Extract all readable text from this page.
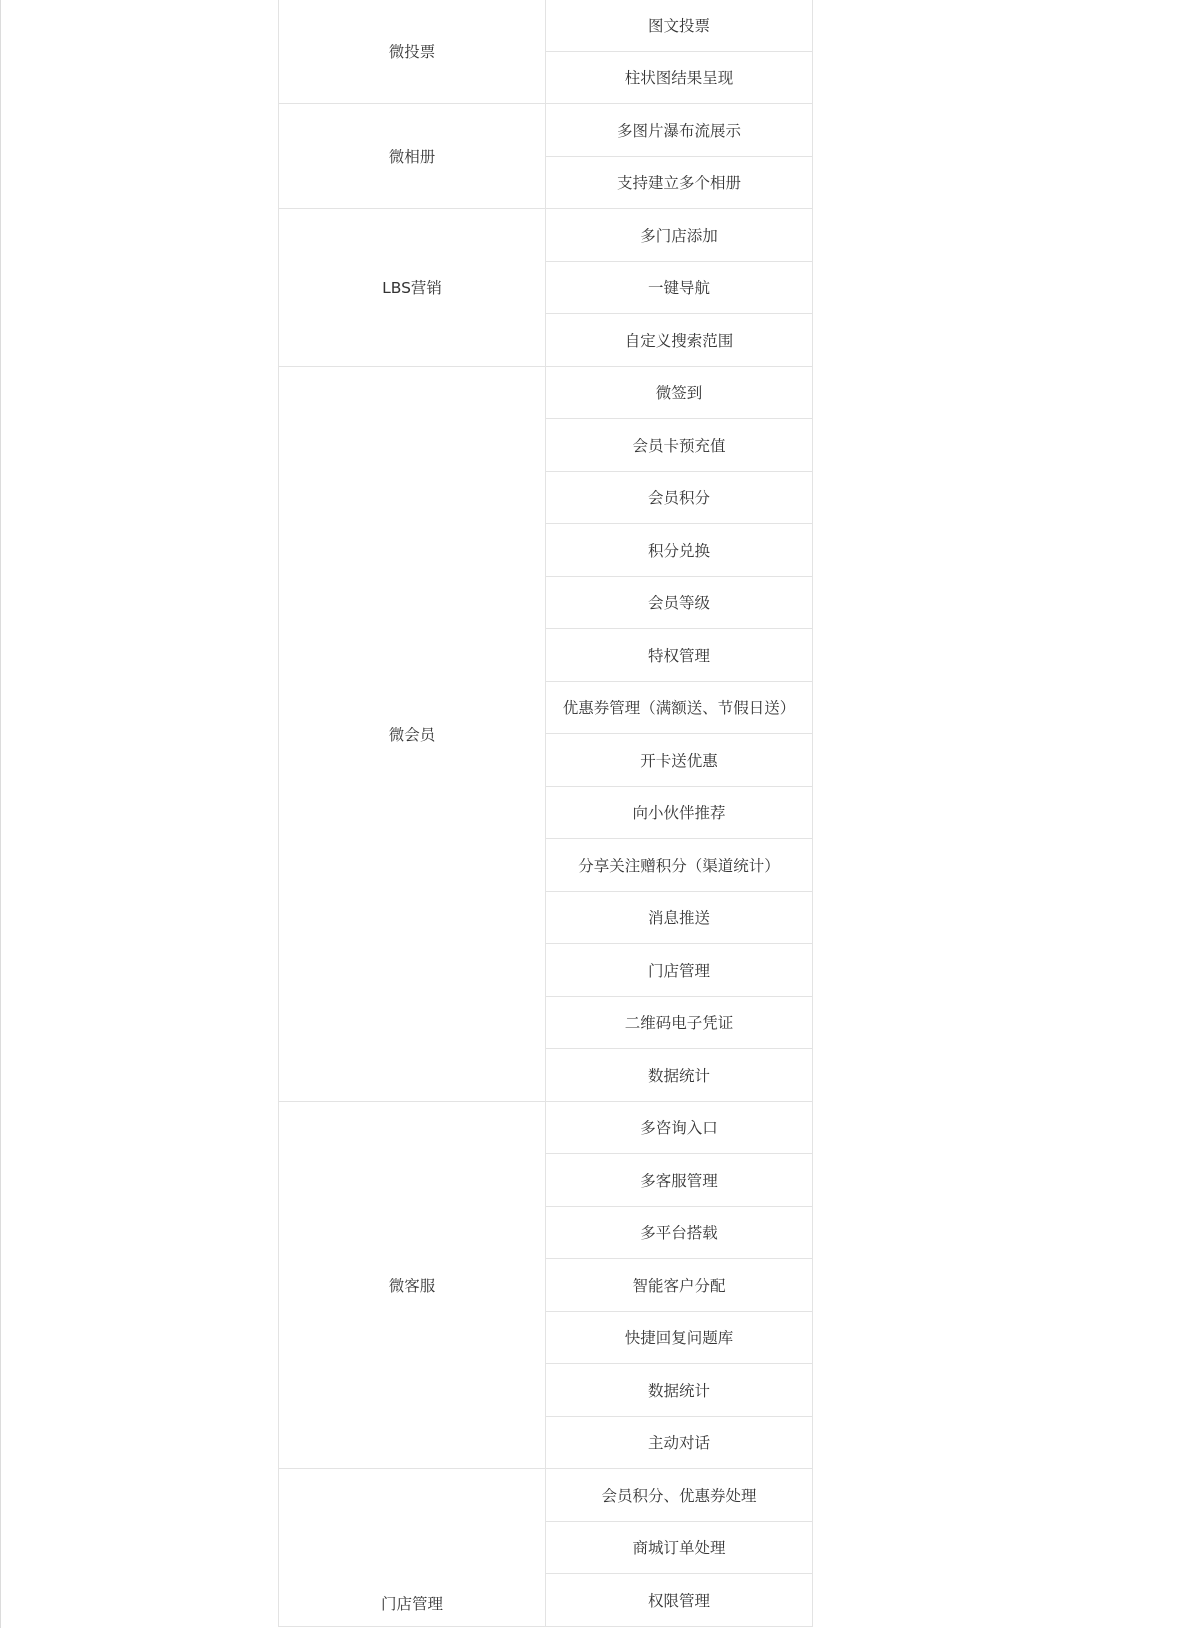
微投票	图文投票
	柱状图结果呈现
微相册	多图片瀑布流展示
	支持建立多个相册
LBS营销	多门店添加
	一键导航
	自定义搜索范围
微会员	微签到
	会员卡预充值
	会员积分
	积分兑换
	会员等级
	特权管理
	优惠券管理（满额送、节假日送）
	开卡送优惠
	向小伙伴推荐
	分享关注赠积分（渠道统计）
	消息推送
	门店管理
	二维码电子凭证
	数据统计
微客服	多咨询入口
	多客服管理
	多平台搭载
	智能客户分配
	快捷回复问题库
	数据统计
	主动对话
门店管理	会员积分、优惠券处理
	商城订单处理
	权限管理
